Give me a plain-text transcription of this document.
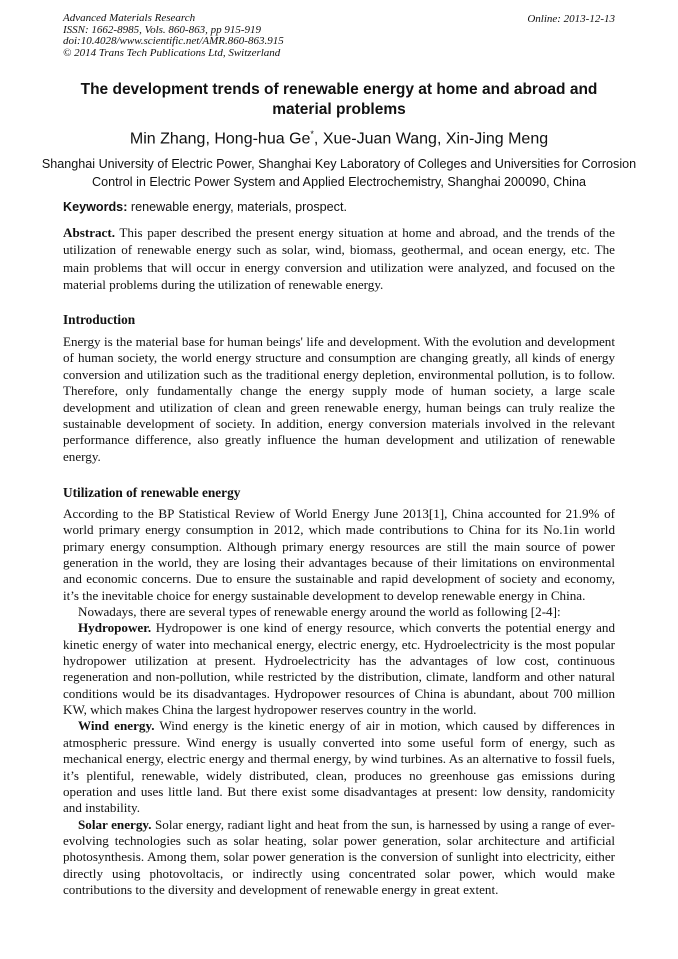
Advanced Materials Research
ISSN: 1662-8985, Vols. 860-863, pp 915-919
doi:10.4028/www.scientific.net/AMR.860-863.915
© 2014 Trans Tech Publications Ltd, Switzerland
Online: 2013-12-13
The development trends of renewable energy at home and abroad and material problems
Min Zhang, Hong-hua Ge*, Xue-Juan Wang, Xin-Jing Meng
Shanghai University of Electric Power, Shanghai Key Laboratory of Colleges and Universities for Corrosion Control in Electric Power System and Applied Electrochemistry, Shanghai 200090, China
Keywords: renewable energy, materials, prospect.

Abstract. This paper described the present energy situation at home and abroad, and the trends of the utilization of renewable energy such as solar, wind, biomass, geothermal, and ocean energy, etc. The main problems that will occur in energy conversion and utilization were analyzed, and focused on the material problems during the utilization of renewable energy.

Introduction

Energy is the material base for human beings' life and development. With the evolution and development of human society, the world energy structure and consumption are changing greatly, all kinds of energy conversion and utilization such as the traditional energy depletion, environmental pollution, is to follow. Therefore, only fundamentally change the energy supply mode of human society, a large scale development and utilization of clean and green renewable energy, human beings can truly realize the sustainable development of society. In addition, energy conversion materials involved in the relevant performance difference, also greatly influence the human development and utilization of renewable energy.

Utilization of renewable energy

According to the BP Statistical Review of World Energy June 2013[1], China accounted for 21.9% of world primary energy consumption in 2012, which made contributions to China for its No.1in world primary energy consumption. Although primary energy resources are still the main source of power generation in the world, they are losing their advantages because of their limitations on environmental and economic concerns. Due to ensure the sustainable and rapid development of society and economy, it’s the inevitable choice for energy sustainable development to develop renewable energy in China.

Nowadays, there are several types of renewable energy around the world as following [2-4]:

Hydropower. Hydropower is one kind of energy resource, which converts the potential energy and kinetic energy of water into mechanical energy, electric energy, etc. Hydroelectricity is the most popular hydropower utilization at present. Hydroelectricity has the advantages of low cost, continuous regeneration and non-pollution, while restricted by the distribution, climate, landform and other natural conditions would be its disadvantages. Hydropower resources of China is abundant, about 700 million KW, which makes China the largest hydropower reserves country in the world.

Wind energy. Wind energy is the kinetic energy of air in motion, which caused by differences in atmospheric pressure. Wind energy is usually converted into some useful form of energy, such as mechanical energy, electric energy and thermal energy, by wind turbines. As an alternative to fossil fuels, it’s plentiful, renewable, widely distributed, clean, produces no greenhouse gas emissions during operation and uses little land. But there exist some disadvantages at present: low density, randomicity and instability.

Solar energy. Solar energy, radiant light and heat from the sun, is harnessed by using a range of ever-evolving technologies such as solar heating, solar power generation, solar architecture and artificial photosynthesis. Among them, solar power generation is the conversion of sunlight into electricity, either directly using photovoltacis, or indirectly using concentrated solar power, which would make contributions to the diversity and development of renewable energy in great extent.
